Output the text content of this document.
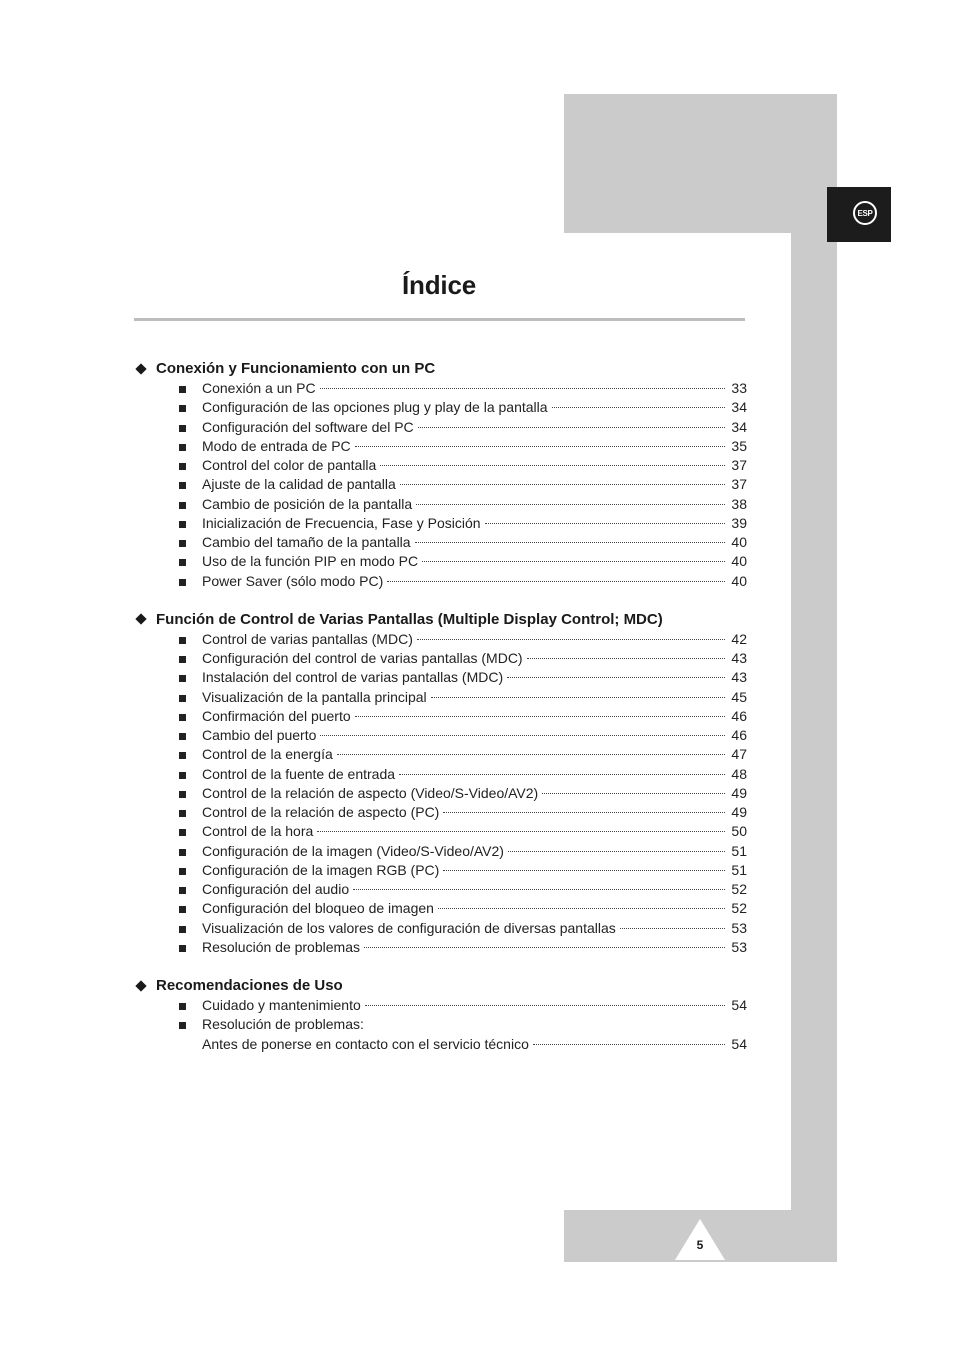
ESP
Índice
Conexión y Funcionamiento con un PC
Conexión a un PC	33
Configuración de las opciones plug y play de la pantalla	34
Configuración del software del PC	34
Modo de entrada de PC	35
Control del color de pantalla	37
Ajuste de la calidad de pantalla	37
Cambio de posición de la pantalla	38
Inicialización de Frecuencia, Fase y Posición	39
Cambio del tamaño de la pantalla	40
Uso de la función PIP en modo PC	40
Power Saver (sólo modo PC)	40
Función de Control de Varias Pantallas (Multiple Display Control; MDC)
Control de varias pantallas (MDC)	42
Configuración del control de varias pantallas (MDC)	43
Instalación del control de varias pantallas (MDC)	43
Visualización de la pantalla principal	45
Confirmación del puerto	46
Cambio del puerto	46
Control de la energía	47
Control de la fuente de entrada	48
Control de la relación de aspecto (Video/S-Video/AV2)	49
Control de la relación de aspecto (PC)	49
Control de la hora	50
Configuración de la imagen (Video/S-Video/AV2)	51
Configuración de la imagen RGB (PC)	51
Configuración del audio	52
Configuración del bloqueo de imagen	52
Visualización de los valores de configuración de diversas pantallas	53
Resolución de problemas	53
Recomendaciones de Uso
Cuidado y mantenimiento	54
Resolución de problemas:
Antes de ponerse en contacto con el servicio técnico	54
5
